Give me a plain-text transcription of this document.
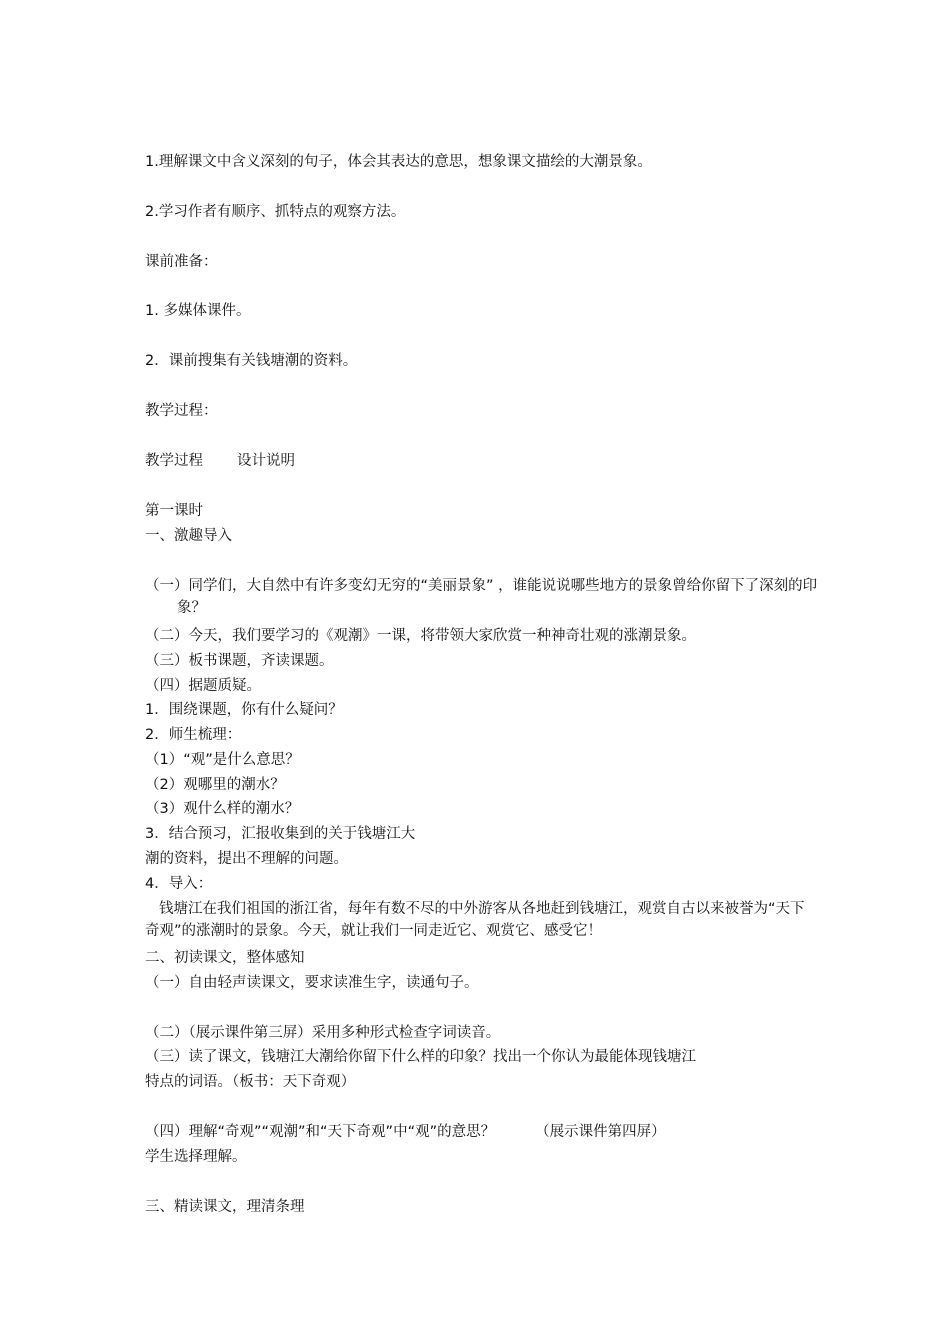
1.理解课文中含义深刻的句子，体会其表达的意思，想象课文描绘的大潮景象。
2.学习作者有顺序、抓特点的观察方法。
课前准备：
1. 多媒体课件。
2．课前搜集有关钱塘潮的资料。
教学过程：
教学过程 设计说明
第一课时
一、激趣导入
（一）同学们，大自然中有许多变幻无穷的“美丽景象” ，谁能说说哪些地方的景象曾给你留下了深刻的印象？
（二）今天，我们要学习的《观潮》一课，将带领大家欣赏一种神奇壮观的涨潮景象。
（三）板书课题，齐读课题。
（四）据题质疑。
1．围绕课题，你有什么疑问？
2．师生梳理：
（1）“观”是什么意思？
（2）观哪里的潮水？
（3）观什么样的潮水？
3．结合预习，汇报收集到的关于钱塘江大
潮的资料，提出不理解的问题。
4．导入：
钱塘江在我们祖国的浙江省，每年有数不尽的中外游客从各地赶到钱塘江，观赏自古以来被誉为“天下奇观”的涨潮时的景象。今天，就让我们一同走近它、观赏它、感受它！
二、初读课文，整体感知
（一）自由轻声读课文，要求读准生字，读通句子。
（二）（展示课件第三屏）采用多种形式检查字词读音。
（三）读了课文，钱塘江大潮给你留下什么样的印象？找出一个你认为最能体现钱塘江
特点的词语。（板书：天下奇观）
（四）理解“奇观”“观潮”和“天下奇观”中“观”的意思？	（展示课件第四屏）
学生选择理解。
三、精读课文，理清条理
